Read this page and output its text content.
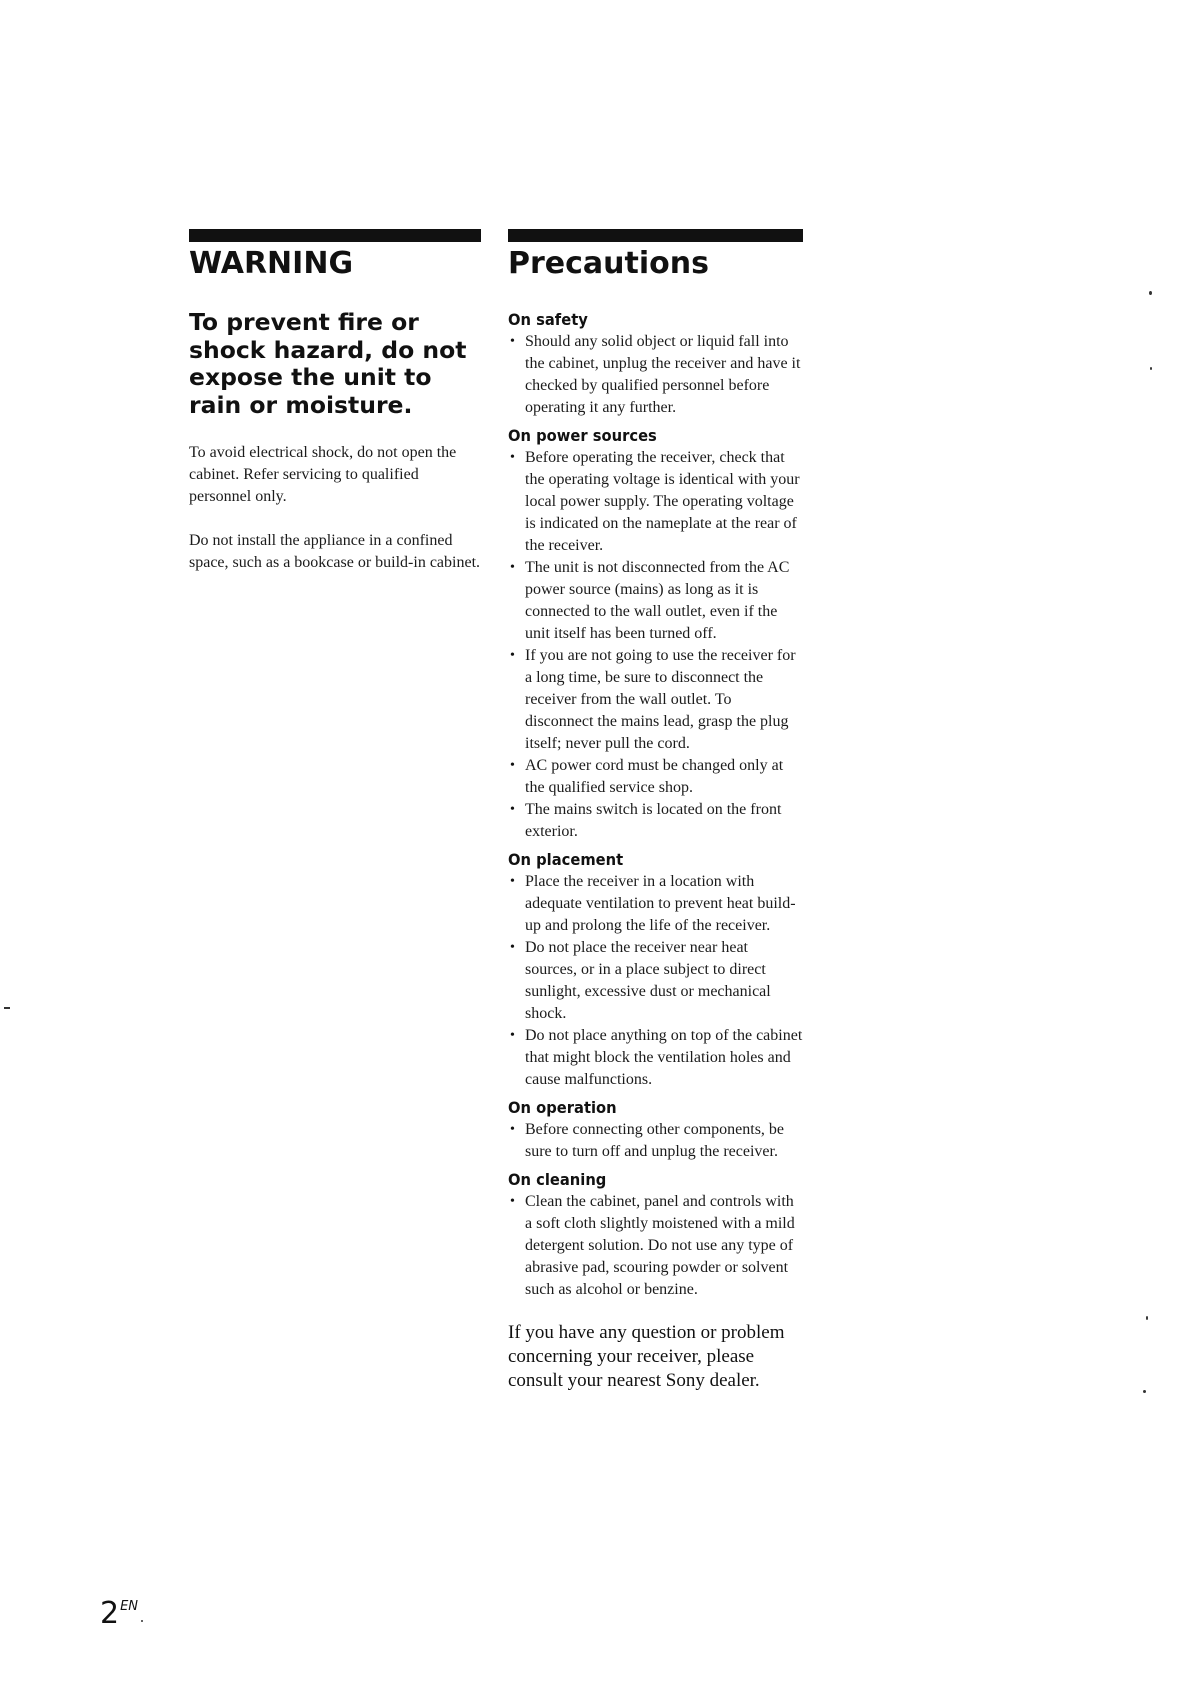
WARNING
To prevent fire or shock hazard, do not expose the unit to rain or moisture.

To avoid electrical shock, do not open the cabinet. Refer servicing to qualified personnel only.

Do not install the appliance in a confined space, such as a bookcase or build-in cabinet.

Precautions
On safety
• Should any solid object or liquid fall into the cabinet, unplug the receiver and have it checked by qualified personnel before operating it any further.
On power sources
• Before operating the receiver, check that the operating voltage is identical with your local power supply. The operating voltage is indicated on the nameplate at the rear of the receiver.
• The unit is not disconnected from the AC power source (mains) as long as it is connected to the wall outlet, even if the unit itself has been turned off.
• If you are not going to use the receiver for a long time, be sure to disconnect the receiver from the wall outlet. To disconnect the mains lead, grasp the plug itself; never pull the cord.
• AC power cord must be changed only at the qualified service shop.
• The mains switch is located on the front exterior.
On placement
• Place the receiver in a location with adequate ventilation to prevent heat build-up and prolong the life of the receiver.
• Do not place the receiver near heat sources, or in a place subject to direct sunlight, excessive dust or mechanical shock.
• Do not place anything on top of the cabinet that might block the ventilation holes and cause malfunctions.
On operation
• Before connecting other components, be sure to turn off and unplug the receiver.
On cleaning
• Clean the cabinet, panel and controls with a soft cloth slightly moistened with a mild detergent solution. Do not use any type of abrasive pad, scouring powder or solvent such as alcohol or benzine.

If you have any question or problem concerning your receiver, please consult your nearest Sony dealer.

$2^{EN}$
